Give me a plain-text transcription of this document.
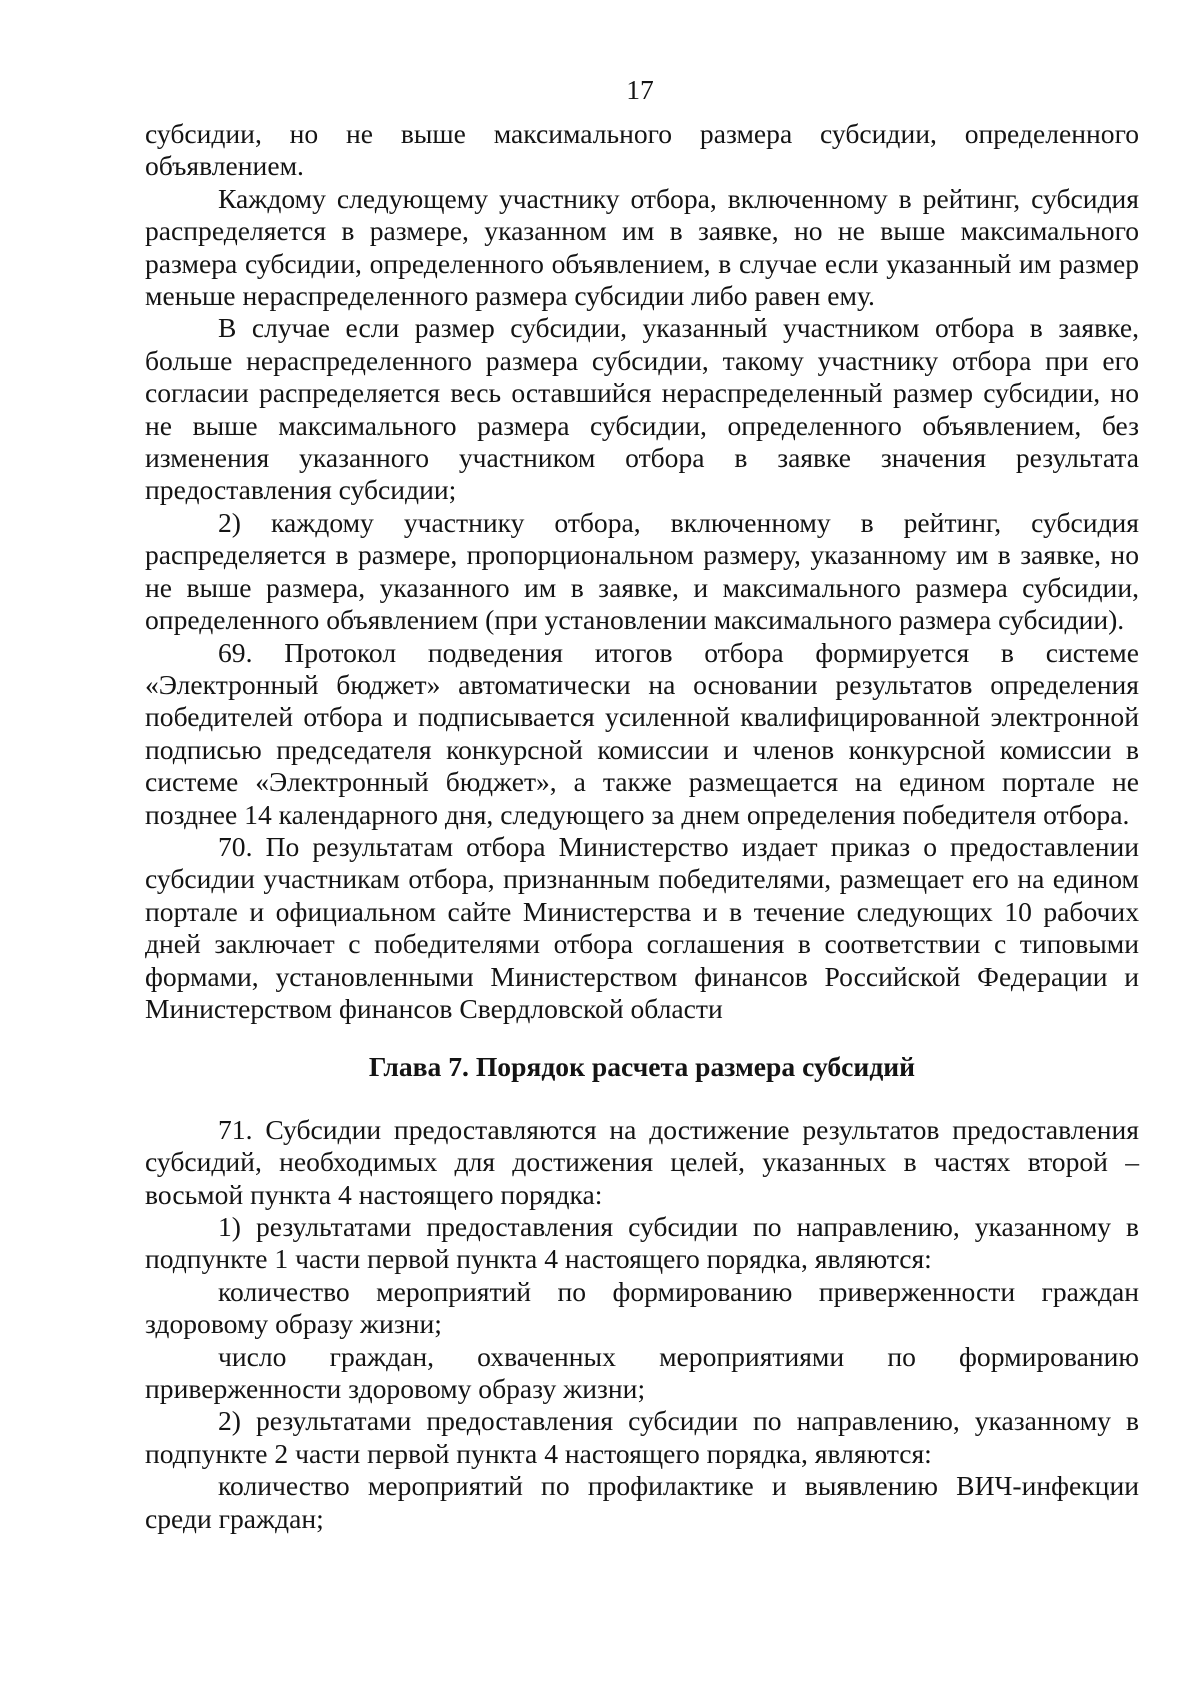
17

субсидии, но не выше максимального размера субсидии, определенного объявлением.

Каждому следующему участнику отбора, включенному в рейтинг, субсидия распределяется в размере, указанном им в заявке, но не выше максимального размера субсидии, определенного объявлением, в случае если указанный им размер меньше нераспределенного размера субсидии либо равен ему.

В случае если размер субсидии, указанный участником отбора в заявке, больше нераспределенного размера субсидии, такому участнику отбора при его согласии распределяется весь оставшийся нераспределенный размер субсидии, но не выше максимального размера субсидии, определенного объявлением, без изменения указанного участником отбора в заявке значения результата предоставления субсидии;

2) каждому участнику отбора, включенному в рейтинг, субсидия распределяется в размере, пропорциональном размеру, указанному им в заявке, но не выше размера, указанного им в заявке, и максимального размера субсидии, определенного объявлением (при установлении максимального размера субсидии).

69. Протокол подведения итогов отбора формируется в системе «Электронный бюджет» автоматически на основании результатов определения победителей отбора и подписывается усиленной квалифицированной электронной подписью председателя конкурсной комиссии и членов конкурсной комиссии в системе «Электронный бюджет», а также размещается на едином портале не позднее 14 календарного дня, следующего за днем определения победителя отбора.

70. По результатам отбора Министерство издает приказ о предоставлении субсидии участникам отбора, признанным победителями, размещает его на едином портале и официальном сайте Министерства и в течение следующих 10 рабочих дней заключает с победителями отбора соглашения в соответствии с типовыми формами, установленными Министерством финансов Российской Федерации и Министерством финансов Свердловской области

Глава 7. Порядок расчета размера субсидий

71. Субсидии предоставляются на достижение результатов предоставления субсидий, необходимых для достижения целей, указанных в частях второй – восьмой пункта 4 настоящего порядка:

1) результатами предоставления субсидии по направлению, указанному в подпункте 1 части первой пункта 4 настоящего порядка, являются:

количество мероприятий по формированию приверженности граждан здоровому образу жизни;

число граждан, охваченных мероприятиями по формированию приверженности здоровому образу жизни;

2) результатами предоставления субсидии по направлению, указанному в подпункте 2 части первой пункта 4 настоящего порядка, являются:

количество мероприятий по профилактике и выявлению ВИЧ-инфекции среди граждан;
